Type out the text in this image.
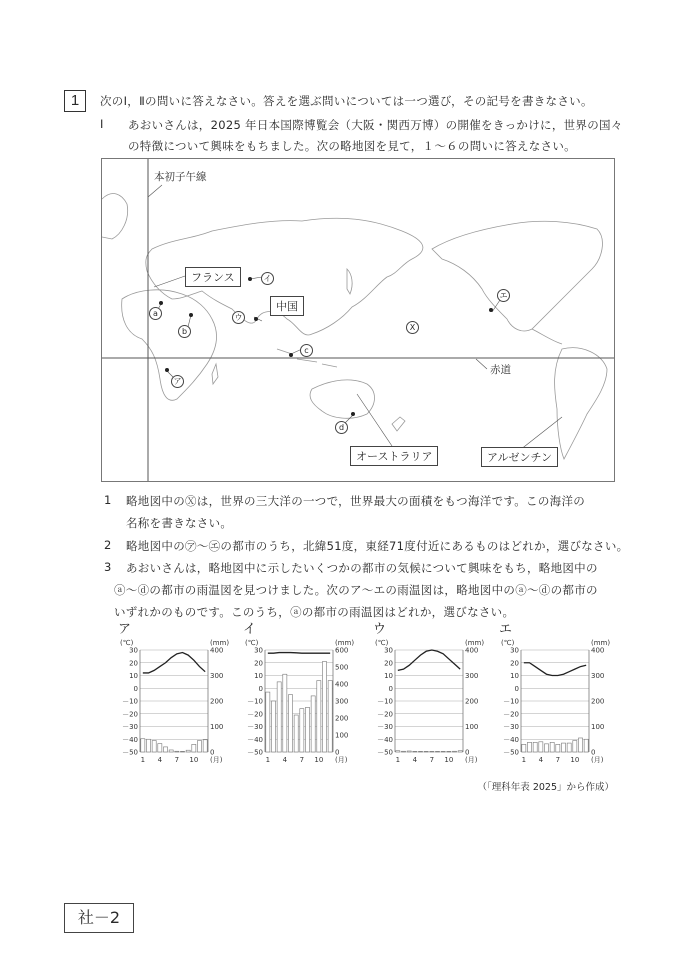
1	次のⅠ，Ⅱの問いに答えなさい。答えを選ぶ問いについては一つ選び，その記号を書きなさい。
Ⅰ あおいさんは，2025 年日本国際博覧会（大阪・関西万博）の開催をきっかけに，世界の国々
の特徴について興味をもちました。次の略地図を見て，１～６の問いに答えなさい。
本初子午線
赤道
フランス
中国
オーストラリア	アルゼンチン
ア
イ
ウ
エ
a
b
c
d
X
1 略地図中のⓍは，世界の三大洋の一つで，世界最大の面積をもつ海洋です。この海洋の
名称を書きなさい。
2 略地図中の㋐～㋓の都市のうち，北緯51度，東経71度付近にあるものはどれか，選びなさい。
3 あおいさんは，略地図中に示したいくつかの都市の気候について興味をもち，略地図中の
ⓐ～ⓓの都市の雨温図を見つけました。次のア～エの雨温図は，略地図中のⓐ～ⓓの都市の
いずれかのものです。このうち，ⓐの都市の雨温図はどれか，選びなさい。
ア
(℃)	(mm)
30
20
10
0
－10
－20
－30
－40
－50
400
300
200
100
0
1 4 7 10 (月)
イ
(℃)	(mm)
30
20
10
0
－10
－20
－30
－40
－50
600
500
400
300
200
100
0
1 4 7 10 (月)
ウ
(℃)	(mm)
30
20
10
0
－10
－20
－30
－40
－50
400
300
200
100
0
1 4 7 10 (月)
エ
(℃)	(mm)
30
20
10
0
－10
－20
－30
－40
－50
400
300
200
100
0
1 4 7 10 (月)
（「理科年表 2025」から作成）
社－2
